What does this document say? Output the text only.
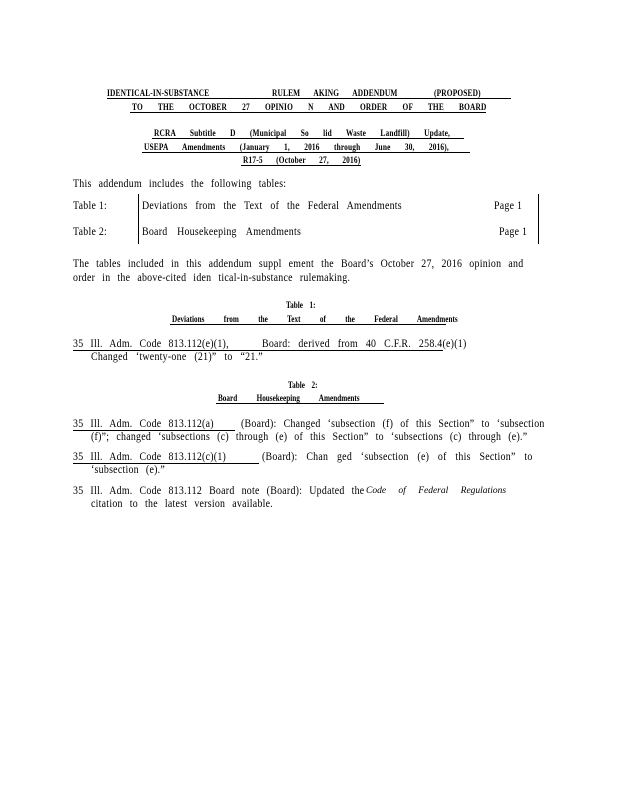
IDENTICAL-IN-SUBSTANCE	RULEM AKING ADDENDUM	(PROPOSED)
TO THE OCTOBER 27 OPINIO N AND ORDER OF THE BOARD
RCRA Subtitle D (Municipal So lid Waste Landfill) Update,
USEPA Amendments (January 1, 2016 through June 30, 2016),
R17-5 (October 27, 2016)
This addendum includes the following tables:
Table 1:	Deviations from the Text of the Federal Amendments	Page 1
Table 2:	Board Housekeeping Amendments	Page 1
The tables included in this addendum suppl ement the Board’s October 27, 2016 opinion and
order in the above-cited iden tical-in-substance rulemaking.
Table 1:
Deviations from the Text of the Federal Amendments
35 Ill. Adm. Code 813.112(e)(1),	Board: derived from 40 C.F.R. 258.4(e)(1)
Changed ‘twenty-one (21)” to “21.”
Table 2:
Board Housekeeping Amendments
35 Ill. Adm. Code 813.112(a) (Board): Changed ‘subsection (f) of this Section” to ‘subsection
(f)”; changed ‘subsections (c) through (e) of this Section” to ‘subsections (c) through (e).”
35 Ill. Adm. Code 813.112(c)(1)	(Board): Chan ged ‘subsection (e) of this Section” to
‘subsection (e).”
35 Ill. Adm. Code 813.112 Board note (Board): Updated the Code of Federal Regulations
citation to the latest version available.
